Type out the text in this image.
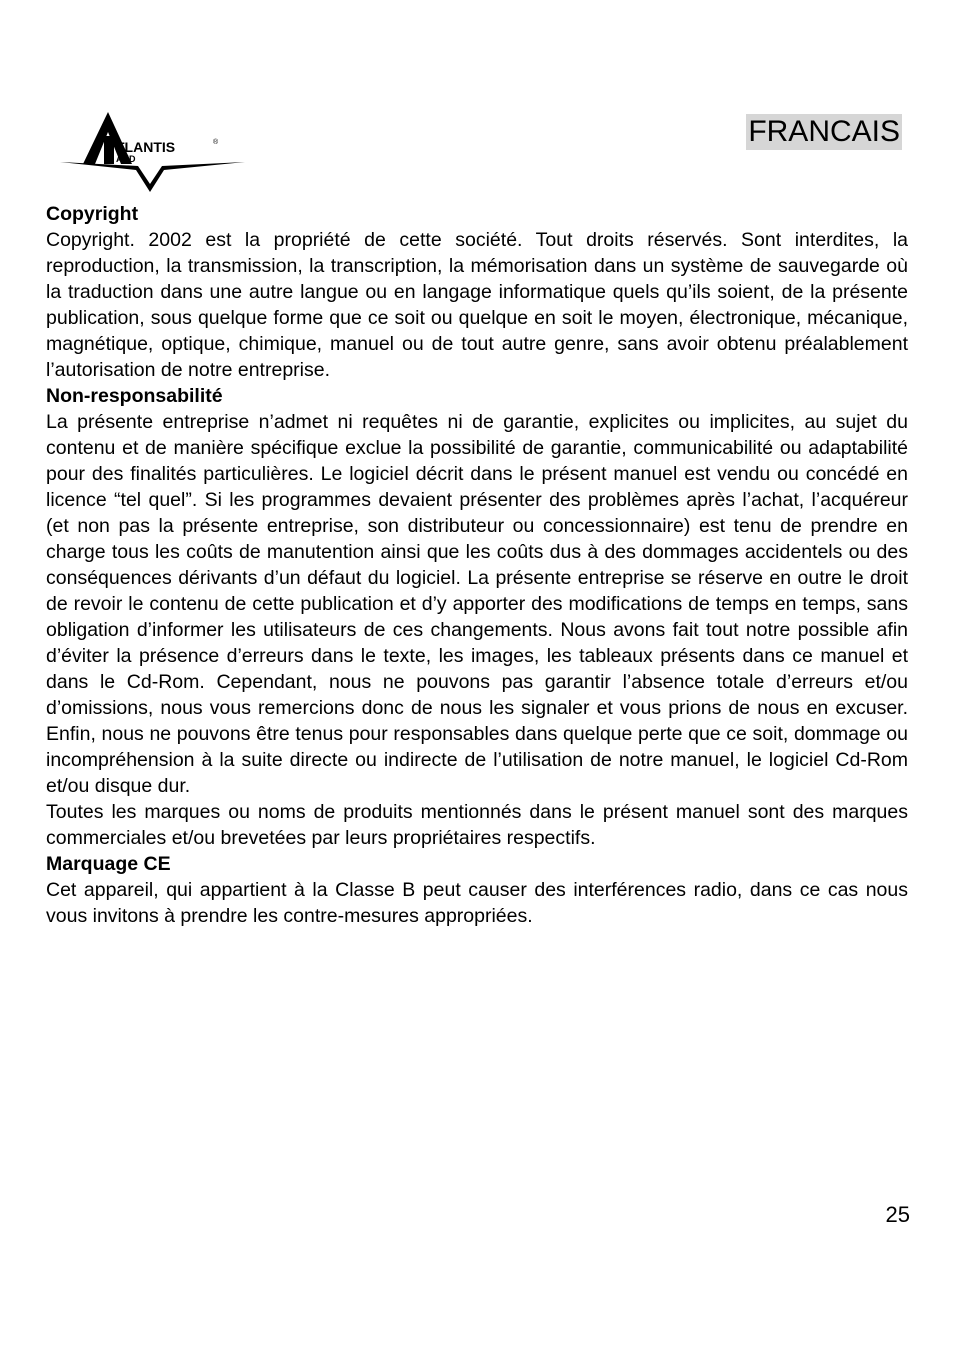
TLANTIS
AND
®	FRANCAIS
Copyright

Copyright. 2002 est la propriété de cette société. Tout droits réservés. Sont interdites, la reproduction, la transmission, la transcription, la mémorisation dans un système de sauvegarde où la traduction dans une autre langue ou en langage informatique quels qu’ils soient, de la présente publication, sous quelque forme que ce soit ou quelque en soit le moyen, électronique, mécanique, magnétique, optique, chimique, manuel ou de tout autre genre, sans avoir obtenu préalablement l’autorisation de notre entreprise.

Non-responsabilité

La présente entreprise n’admet ni requêtes ni de garantie, explicites ou implicites, au sujet du contenu et de manière spécifique exclue la possibilité de garantie, communicabilité ou adaptabilité pour des finalités particulières. Le logiciel décrit dans le présent manuel est vendu ou concédé en licence “tel quel”. Si les programmes devaient présenter des problèmes après l’achat, l’acquéreur (et non pas la présente entreprise, son distributeur ou concessionnaire) est tenu de prendre en charge tous les coûts de manutention ainsi que les coûts dus à des dommages accidentels ou des conséquences dérivants d’un défaut du logiciel. La présente entreprise se réserve en outre le droit de revoir le contenu de cette publication et d’y apporter des modifications de temps en temps, sans obligation d’informer les utilisateurs de ces changements. Nous avons fait tout notre possible afin d’éviter la présence d’erreurs dans le texte, les images, les tableaux présents dans ce manuel et dans le Cd-Rom. Cependant, nous ne pouvons pas garantir l’absence totale d’erreurs et/ou d’omissions, nous vous remercions donc de nous les signaler et vous prions de nous en excuser. Enfin, nous ne pouvons être tenus pour responsables dans quelque perte que ce soit, dommage ou incompréhension à la suite directe ou indirecte de l’utilisation de notre manuel, le logiciel Cd-Rom et/ou disque dur.

Toutes les marques ou noms de produits mentionnés dans le présent manuel sont des marques commerciales et/ou brevetées par leurs propriétaires respectifs.

Marquage CE

Cet appareil, qui appartient à la Classe B peut causer des interférences radio, dans ce cas nous vous invitons à prendre les contre-mesures appropriées.

25
